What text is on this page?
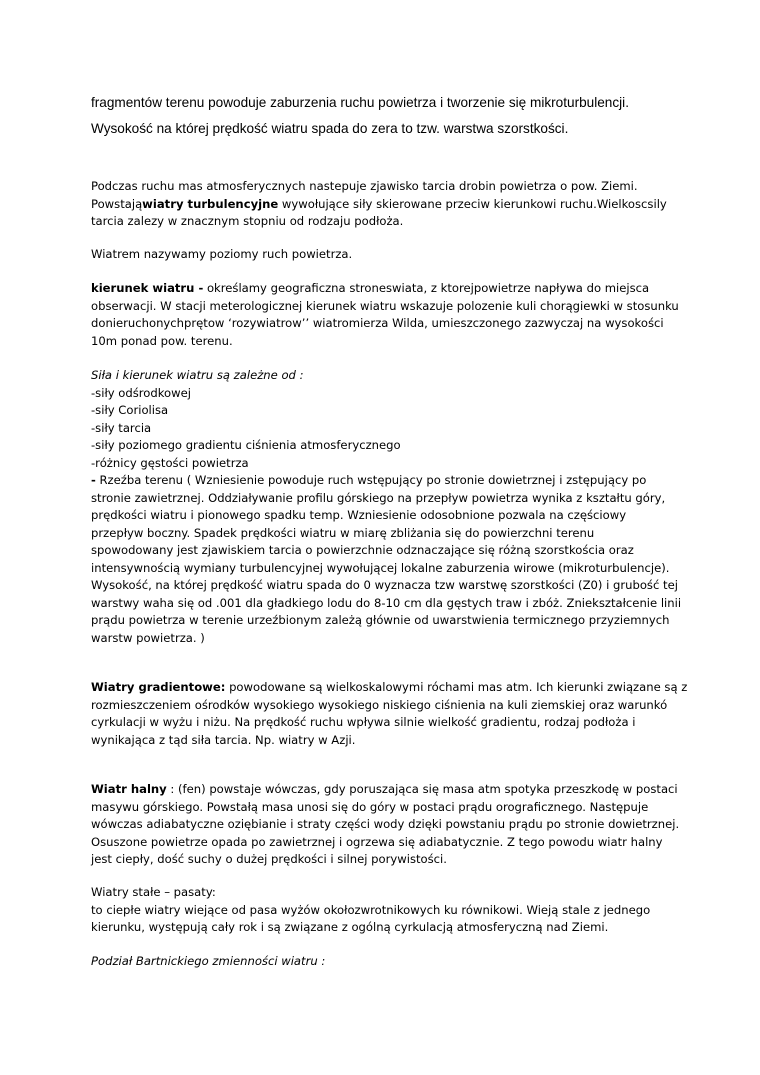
fragmentów terenu powoduje zaburzenia ruchu powietrza i tworzenie się mikroturbulencji.
Wysokość na której prędkość wiatru spada do zera to tzw. warstwa szorstkości.
Podczas ruchu mas atmosferycznych nastepuje zjawisko tarcia drobin powietrza o pow. Ziemi.
Powstająwiatry turbulencyjne wywołujące siły skierowane przeciw kierunkowi ruchu.Wielkoscsily
tarcia zalezy w znacznym stopniu od rodzaju podłoża.
Wiatrem nazywamy poziomy ruch powietrza.
kierunek wiatru - określamy geograficzna stroneswiata, z ktorejpowietrze napływa do miejsca
obserwacji. W stacji meterologicznej kierunek wiatru wskazuje polozenie kuli chorągiewki w stosunku
donieruchonychprętow ‘rozywiatrow’’ wiatromierza Wilda, umieszczonego zazwyczaj na wysokości
10m ponad pow. terenu.
Siła i kierunek wiatru są zależne od :
-siły odśrodkowej
-siły Coriolisa
-siły tarcia
-siły poziomego gradientu ciśnienia atmosferycznego
-różnicy gęstości powietrza
- Rzeźba terenu ( Wzniesienie powoduje ruch wstępujący po stronie dowietrznej i zstępujący po
stronie zawietrznej. Oddziaływanie profilu górskiego na przepływ powietrza wynika z kształtu góry,
prędkości wiatru i pionowego spadku temp. Wzniesienie odosobnione pozwala na częściowy
przepływ boczny. Spadek prędkości wiatru w miarę zbliżania się do powierzchni terenu
spowodowany jest zjawiskiem tarcia o powierzchnie odznaczające się różną szorstkościa oraz
intensywnością wymiany turbulencyjnej wywołującej lokalne zaburzenia wirowe (mikroturbulencje).
Wysokość, na której prędkość wiatru spada do 0 wyznacza tzw warstwę szorstkości (Z0) i grubość tej
warstwy waha się od .001 dla gładkiego lodu do 8-10 cm dla gęstych traw i zbóż. Zniekształcenie linii
prądu powietrza w terenie urzeźbionym zależą głównie od uwarstwienia termicznego przyziemnych
warstw powietrza. )
Wiatry gradientowe: powodowane są wielkoskalowymi róchami mas atm. Ich kierunki związane są z
rozmieszczeniem ośrodków wysokiego wysokiego niskiego ciśnienia na kuli ziemskiej oraz warunkó
cyrkulacji w wyżu i niżu. Na prędkość ruchu wpływa silnie wielkość gradientu, rodzaj podłoża i
wynikająca z tąd siła tarcia. Np. wiatry w Azji.
Wiatr halny : (fen) powstaje wówczas, gdy poruszająca się masa atm spotyka przeszkodę w postaci
masywu górskiego. Powstałą masa unosi się do góry w postaci prądu orograficznego. Następuje
wówczas adiabatyczne oziębianie i straty części wody dzięki powstaniu prądu po stronie dowietrznej.
Osuszone powietrze opada po zawietrznej i ogrzewa się adiabatycznie. Z tego powodu wiatr halny
jest ciepły, dość suchy o dużej prędkości i silnej porywistości.
Wiatry stałe – pasaty:
to ciepłe wiatry wiejące od pasa wyżów okołozwrotnikowych ku równikowi. Wieją stale z jednego
kierunku, występują cały rok i są związane z ogólną cyrkulacją atmosferyczną nad Ziemi.
Podział Bartnickiego zmienności wiatru :
